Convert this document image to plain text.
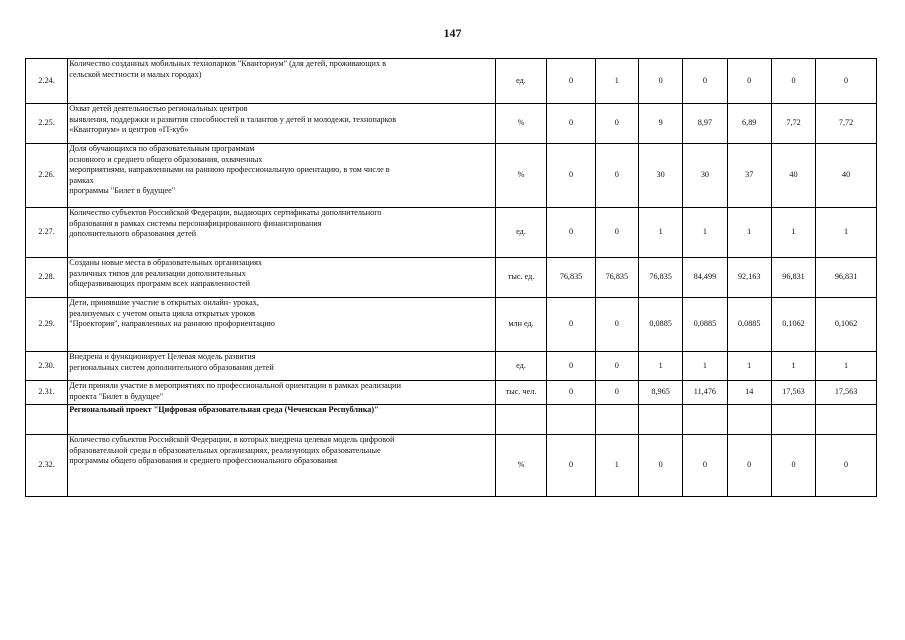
147
2.24.	Количество созданных мобильных технопарков "Кванториум" (для детей, проживающих в
сельской местности и малых городах)	ед.	0	1	0	0	0	0	0
2.25.	Охват детей деятельностью региональных центров
выявления, поддержки и развития способностей и талантов у детей и молодежи, технопарков
«Кванториум» и центров «IT-куб»	%	0	0	9	8,97	6,89	7,72	7,72
2.26.	Доля обучающихся по образовательным программам
основного и среднего общего образования, охваченных
мероприятиями, направленными на раннюю профессиональную ориентацию, в том числе в
рамках
программы "Билет в будущее"	%	0	0	30	30	37	40	40
2.27.	Количество субъектов Российской Федерации, выдающих сертификаты дополнительного
образования в рамках системы персонифицированного финансирования
дополнительного образования детей	ед.	0	0	1	1	1	1	1
2.28.	Созданы новые места в образовательных организациях
различных типов для реализации дополнительных
общеразвивающих программ всех направленностей	тыс. ед.	76,835	76,835	76,835	84,499	92,163	96,831	96,831
2.29.	Дети, принявшие участие в открытых онлайн- уроках,
реализуемых с учетом опыта цикла открытых уроков
"Проектория", направленных на раннюю профориентацию	млн ед.	0	0	0,0885	0,0885	0,0885	0,1062	0,1062
2.30.	Внедрена и функционирует Целевая модель развития
региональных систем дополнительного образования детей	ед.	0	0	1	1	1	1	1
2.31.	Дети приняли участие в мероприятиях по профессиональной ориентации в рамках реализации
проекта "Билет в будущее"	тыс. чел.	0	0	8,965	11,476	14	17,563	17,563
	Региональный проект "Цифровая образовательная среда (Чеченская Республика)"								
2.32.	Количество субъектов Российской Федерации, в которых внедрена целевая модель цифровой
образовательной среды в образовательных организациях, реализующих образовательные
программы общего образования и среднего профессионального образования	%	0	1	0	0	0	0	0
